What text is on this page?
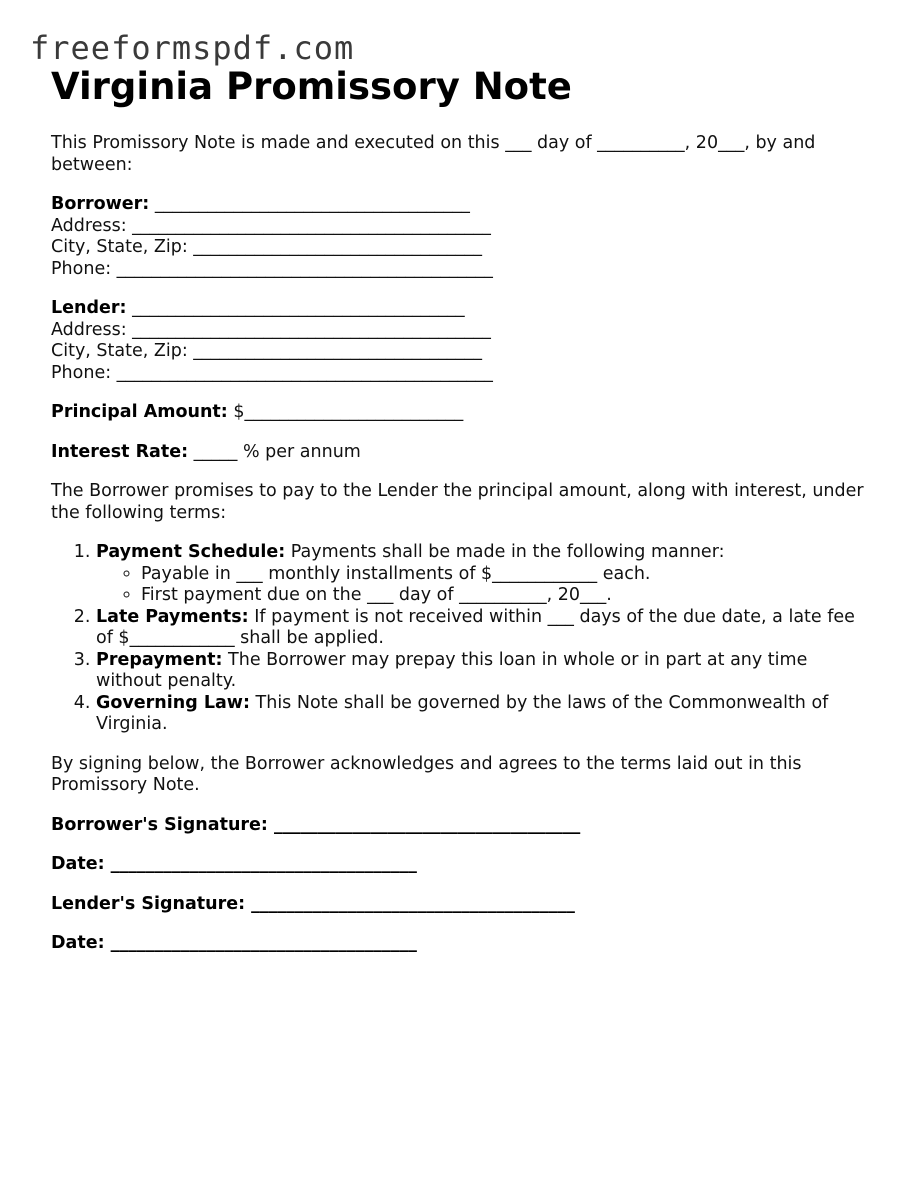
freeformspdf.com
Virginia Promissory Note

This Promissory Note is made and executed on this ___ day of __________, 20___, by and between:

Borrower: ____________________________________
Address: _________________________________________
City, State, Zip: _________________________________
Phone: ___________________________________________
Lender: ______________________________________
Address: _________________________________________
City, State, Zip: _________________________________
Phone: ___________________________________________

Principal Amount: $_________________________

Interest Rate: _____ % per annum

The Borrower promises to pay to the Lender the principal amount, along with interest, under the following terms:

1. Payment Schedule: Payments shall be made in the following manner:
◦ Payable in ___ monthly installments of $____________ each.
◦ First payment due on the ___ day of __________, 20___.
2. Late Payments: If payment is not received within ___ days of the due date, a late fee of $____________ shall be applied.
3. Prepayment: The Borrower may prepay this loan in whole or in part at any time without penalty.
4. Governing Law: This Note shall be governed by the laws of the Commonwealth of Virginia.

By signing below, the Borrower acknowledges and agrees to the terms laid out in this Promissory Note.

Borrower's Signature: ___________________________________
Date: ___________________________________
Lender's Signature: _____________________________________
Date: ___________________________________
